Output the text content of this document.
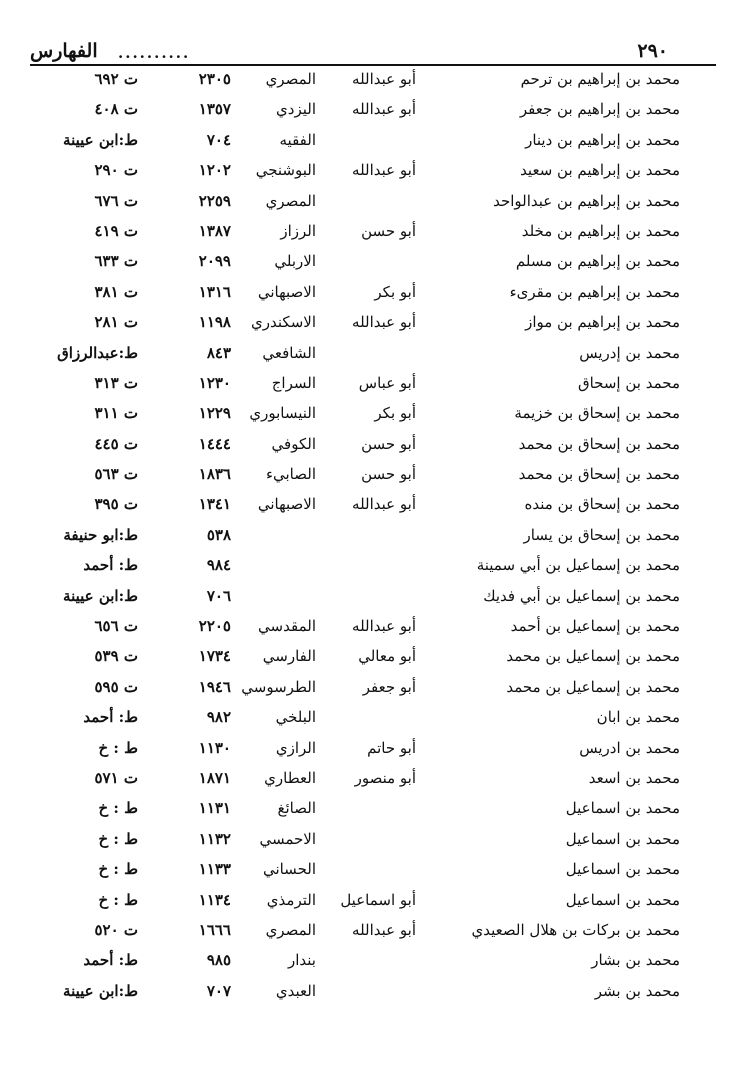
٢٩٠
..........
الفهارس
محمد بن إبراهيم بن ترحم
أبو عبدالله
المصري
٢٣٠٥
ت ٦٩٢
محمد بن إبراهيم بن جعفر
أبو عبدالله
اليزدي
١٣٥٧
ت ٤٠٨
محمد بن إبراهيم بن دينار
الفقيه
٧٠٤
ط:ابن عيينة
محمد بن إبراهيم بن سعيد
أبو عبدالله
البوشنجي
١٢٠٢
ت ٢٩٠
محمد بن إبراهيم بن عبدالواحد
المصري
٢٢٥٩
ت ٦٧٦
محمد بن إبراهيم بن مخلد
أبو حسن
الرزاز
١٣٨٧
ت ٤١٩
محمد بن إبراهيم بن مسلم
الاربلي
٢٠٩٩
ت ٦٣٣
محمد بن إبراهيم بن مقرىء
أبو بكر
الاصبهاني
١٣١٦
ت ٣٨١
محمد بن إبراهيم بن مواز
أبو عبدالله
الاسكندري
١١٩٨
ت ٢٨١
محمد بن إدريس
الشافعي
٨٤٣
ط:عبدالرزاق
محمد بن إسحاق
أبو عباس
السراج
١٢٣٠
ت ٣١٣
محمد بن إسحاق بن خزيمة
أبو بكر
النيسابوري
١٢٢٩
ت ٣١١
محمد بن إسحاق بن محمد
أبو حسن
الكوفي
١٤٤٤
ت ٤٤٥
محمد بن إسحاق بن محمد
أبو حسن
الصابيء
١٨٣٦
ت ٥٦٣
محمد بن إسحاق بن منده
أبو عبدالله
الاصبهاني
١٣٤١
ت ٣٩٥
محمد بن إسحاق بن يسار
٥٣٨
ط:ابو حنيفة
محمد بن إسماعيل بن أبي سمينة
٩٨٤
ط: أحمد
محمد بن إسماعيل بن أبي فديك
٧٠٦
ط:ابن عيينة
محمد بن إسماعيل بن أحمد
أبو عبدالله
المقدسي
٢٢٠٥
ت ٦٥٦
محمد بن إسماعيل بن محمد
أبو معالي
الفارسي
١٧٣٤
ت ٥٣٩
محمد بن إسماعيل بن محمد
أبو جعفر
الطرسوسي
١٩٤٦
ت ٥٩٥
محمد بن ابان
البلخي
٩٨٢
ط: أحمد
محمد بن ادريس
أبو حاتم
الرازي
١١٣٠
ط : خ
محمد بن اسعد
أبو منصور
العطاري
١٨٧١
ت ٥٧١
محمد بن اسماعيل
الصائغ
١١٣١
ط : خ
محمد بن اسماعيل
الاحمسي
١١٣٢
ط : خ
محمد بن اسماعيل
الحساني
١١٣٣
ط : خ
محمد بن اسماعيل
أبو اسماعيل
الترمذي
١١٣٤
ط : خ
محمد بن بركات بن هلال الصعيدي
أبو عبدالله
المصري
١٦٦٦
ت ٥٢٠
محمد بن بشار
بندار
٩٨٥
ط: أحمد
محمد بن بشر
العبدي
٧٠٧
ط:ابن عيينة
